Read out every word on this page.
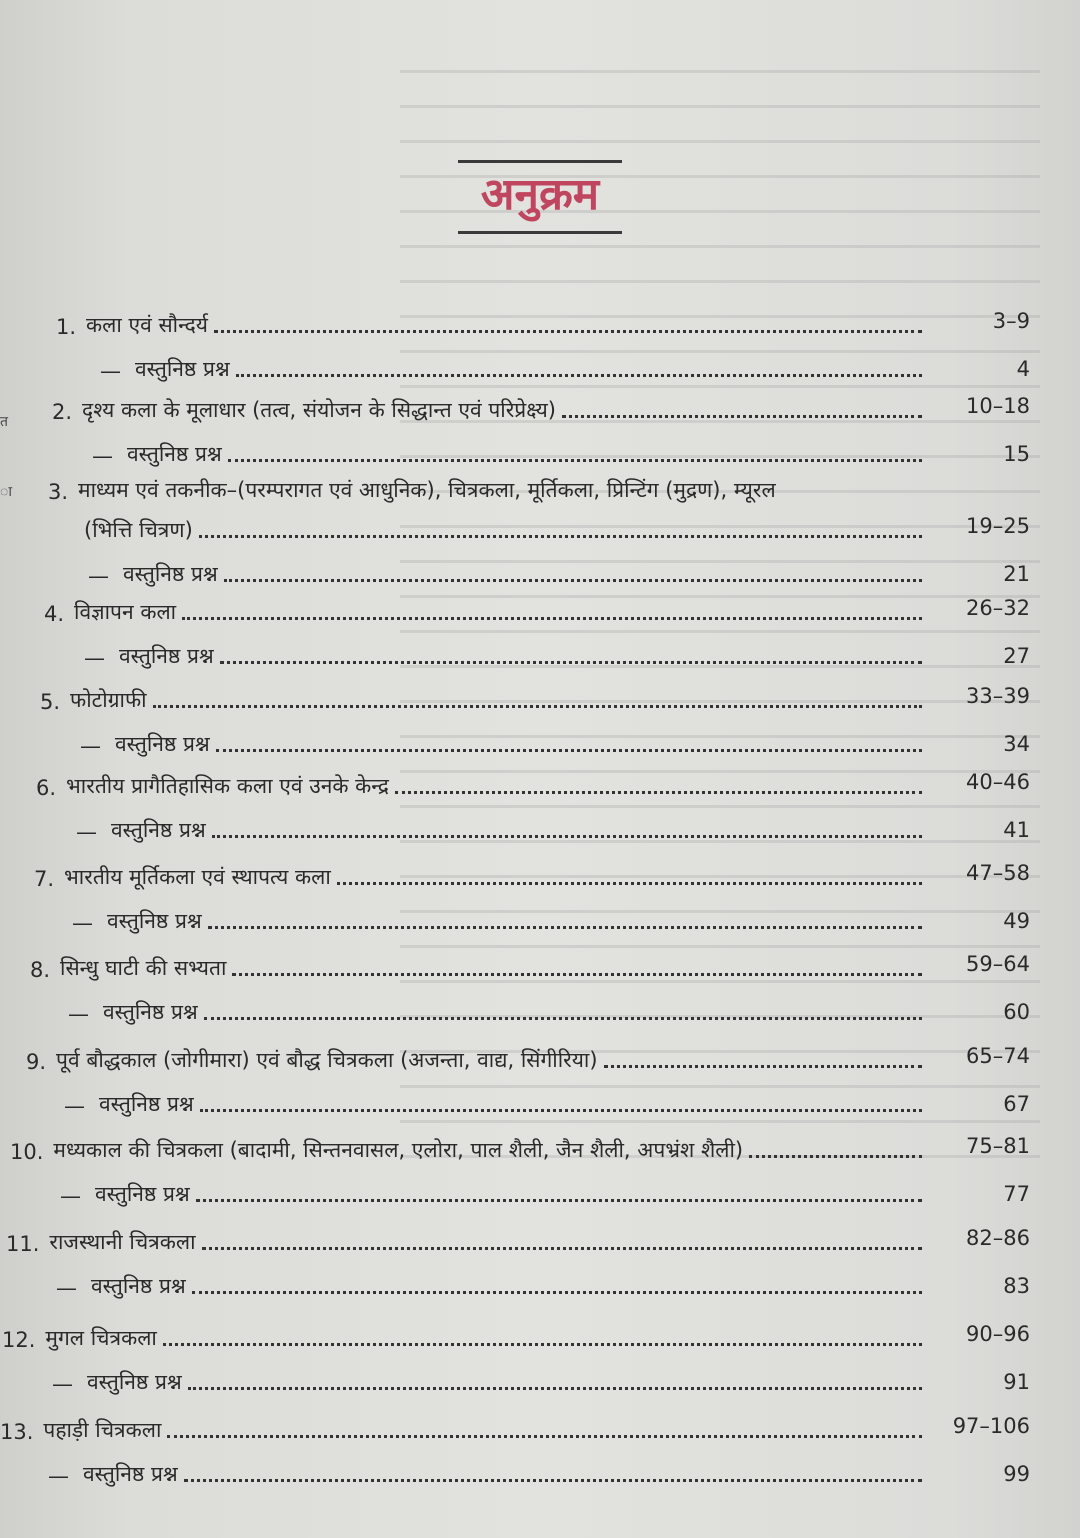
त
ा
अनुक्रम
1. कला एवं सौन्दर्य	3–9
— वस्तुनिष्ठ प्रश्न	4
2. दृश्य कला के मूलाधार (तत्व, संयोजन के सिद्धान्त एवं परिप्रेक्ष्य)	10–18
— वस्तुनिष्ठ प्रश्न	15
3. माध्यम एवं तकनीक–(परम्परागत एवं आधुनिक), चित्रकला, मूर्तिकला, प्रिन्टिंग (मुद्रण), म्यूरल
(भित्ति चित्रण)	19–25
— वस्तुनिष्ठ प्रश्न	21
4. विज्ञापन कला	26–32
— वस्तुनिष्ठ प्रश्न	27
5. फोटोग्राफी	33–39
— वस्तुनिष्ठ प्रश्न	34
6. भारतीय प्रागैतिहासिक कला एवं उनके केन्द्र	40–46
— वस्तुनिष्ठ प्रश्न	41
7. भारतीय मूर्तिकला एवं स्थापत्य कला	47–58
— वस्तुनिष्ठ प्रश्न	49
8. सिन्धु घाटी की सभ्यता	59–64
— वस्तुनिष्ठ प्रश्न	60
9. पूर्व बौद्धकाल (जोगीमारा) एवं बौद्ध चित्रकला (अजन्ता, वाद्य, सिंगीरिया)	65–74
— वस्तुनिष्ठ प्रश्न	67
10. मध्यकाल की चित्रकला (बादामी, सिन्तनवासल, एलोरा, पाल शैली, जैन शैली, अपभ्रंश शैली)	75–81
— वस्तुनिष्ठ प्रश्न	77
11. राजस्थानी चित्रकला	82–86
— वस्तुनिष्ठ प्रश्न	83
12. मुगल चित्रकला	90–96
— वस्तुनिष्ठ प्रश्न	91
13. पहाड़ी चित्रकला	97–106
— वस्तुनिष्ठ प्रश्न	99
